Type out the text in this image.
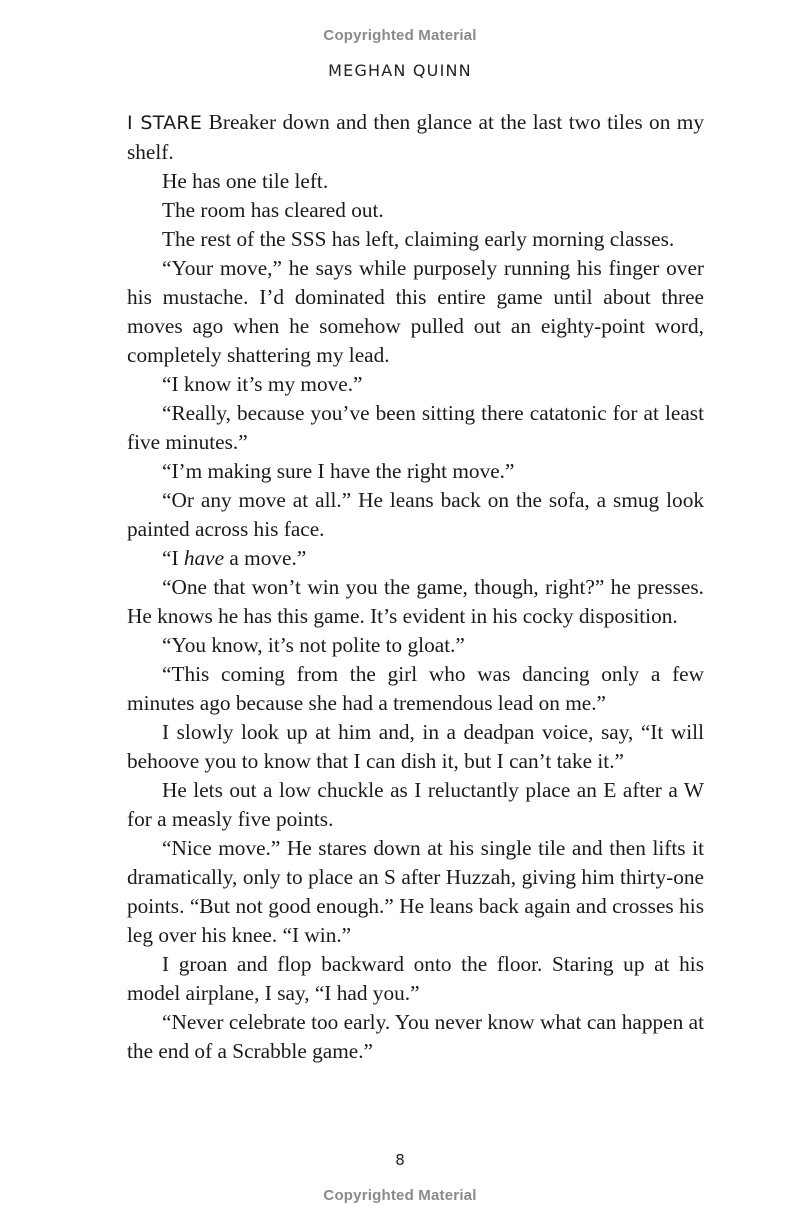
Copyrighted Material
MEGHAN QUINN

I STARE Breaker down and then glance at the last two tiles on my shelf.

He has one tile left.

The room has cleared out.

The rest of the SSS has left, claiming early morning classes.

“Your move,” he says while purposely running his finger over his mustache. I’d dominated this entire game until about three moves ago when he somehow pulled out an eighty-point word, completely shattering my lead.

“I know it’s my move.”

“Really, because you’ve been sitting there catatonic for at least five minutes.”

“I’m making sure I have the right move.”

“Or any move at all.” He leans back on the sofa, a smug look painted across his face.

“I have a move.”

“One that won’t win you the game, though, right?” he presses. He knows he has this game. It’s evident in his cocky disposition.

“You know, it’s not polite to gloat.”

“This coming from the girl who was dancing only a few minutes ago because she had a tremendous lead on me.”

I slowly look up at him and, in a deadpan voice, say, “It will behoove you to know that I can dish it, but I can’t take it.”

He lets out a low chuckle as I reluctantly place an E after a W for a measly five points.

“Nice move.” He stares down at his single tile and then lifts it dramatically, only to place an S after Huzzah, giving him thirty-one points. “But not good enough.” He leans back again and crosses his leg over his knee. “I win.”

I groan and flop backward onto the floor. Staring up at his model airplane, I say, “I had you.”

“Never celebrate too early. You never know what can happen at the end of a Scrabble game.”

8
Copyrighted Material
